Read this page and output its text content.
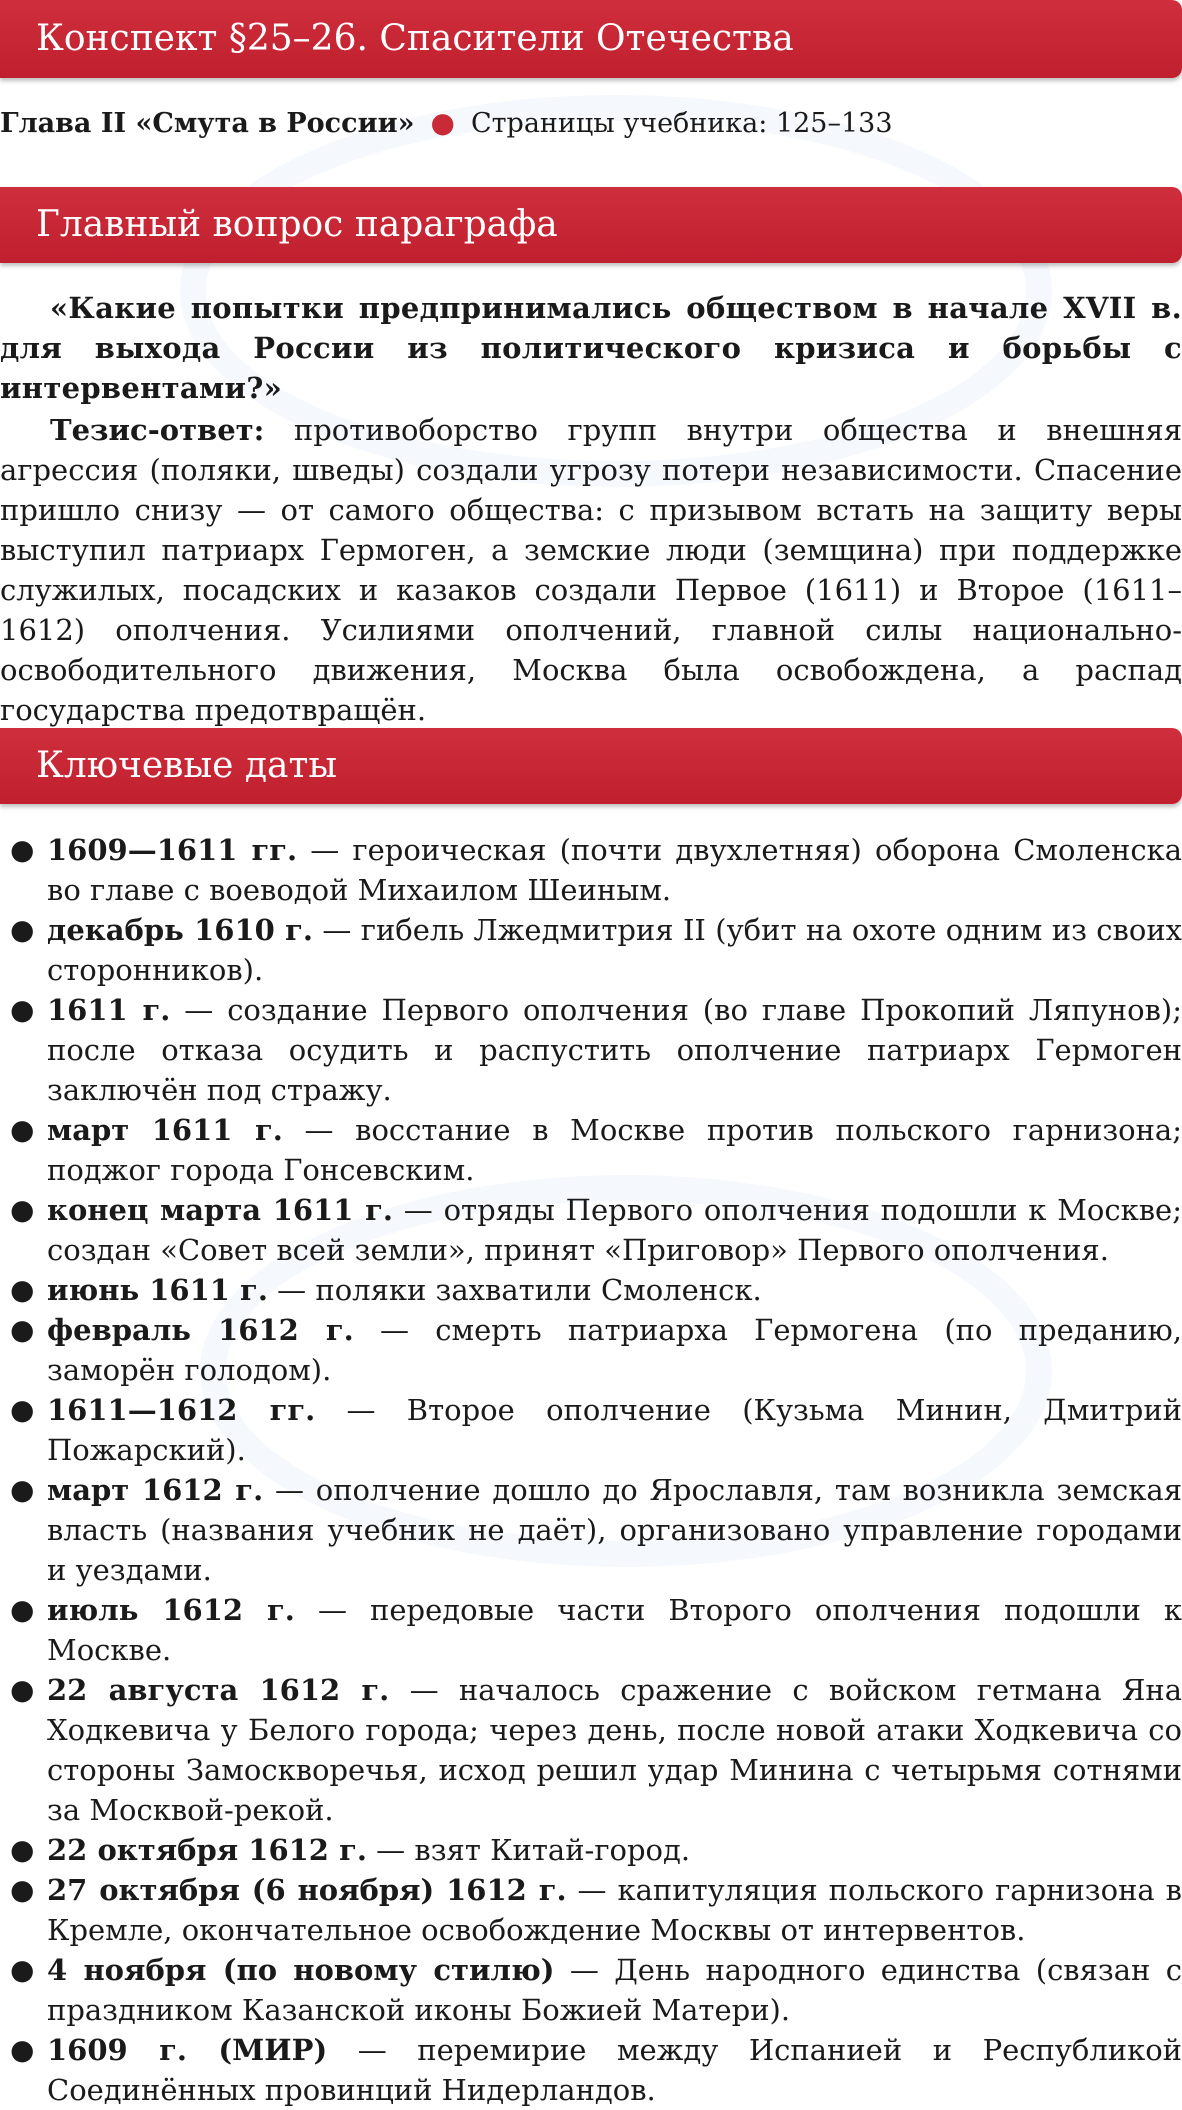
Конспект §25–26. Спасители Отечества
Глава II «Смута в России» ● Страницы учебника: 125–133
Главный вопрос параграфа
«Какие попытки предпринимались обществом в начале XVII в. для выхода России из политического кризиса и борьбы с интервентами?»
Тезис-ответ: противоборство групп внутри общества и внешняя агрессия (поляки, шведы) создали угрозу потери независимости. Спасение пришло снизу — от самого общества: с призывом встать на защиту веры выступил патриарх Гермоген, а земские люди (земщина) при поддержке служилых, посадских и казаков создали Первое (1611) и Второе (1611–1612) ополчения. Усилиями ополчений, главной силы национально-освободительного движения, Москва была освобождена, а распад государства предотвращён.
Ключевые даты
● 1609—1611 гг. — героическая (почти двухлетняя) оборона Смоленска во главе с воеводой Михаилом Шеиным.
● декабрь 1610 г. — гибель Лжедмитрия II (убит на охоте одним из своих сторонников).
● 1611 г. — создание Первого ополчения (во главе Прокопий Ляпунов); после отказа осудить и распустить ополчение патриарх Гермоген заключён под стражу.
● март 1611 г. — восстание в Москве против польского гарнизона; поджог города Гонсевским.
● конец марта 1611 г. — отряды Первого ополчения подошли к Москве; создан «Совет всей земли», принят «Приговор» Первого ополчения.
● июнь 1611 г. — поляки захватили Смоленск.
● февраль 1612 г. — смерть патриарха Гермогена (по преданию, заморён голодом).
● 1611—1612 гг. — Второе ополчение (Кузьма Минин, Дмитрий Пожарский).
● март 1612 г. — ополчение дошло до Ярославля, там возникла земская власть (названия учебник не даёт), организовано управление городами и уездами.
● июль 1612 г. — передовые части Второго ополчения подошли к Москве.
● 22 августа 1612 г. — началось сражение с войском гетмана Яна Ходкевича у Белого города; через день, после новой атаки Ходкевича со стороны Замоскворечья, исход решил удар Минина с четырьмя сотнями за Москвой-рекой.
● 22 октября 1612 г. — взят Китай-город.
● 27 октября (6 ноября) 1612 г. — капитуляция польского гарнизона в Кремле, окончательное освобождение Москвы от интервентов.
● 4 ноября (по новому стилю) — День народного единства (связан с праздником Казанской иконы Божией Матери).
● 1609 г. (МИР) — перемирие между Испанией и Республикой Соединённых провинций Нидерландов.
